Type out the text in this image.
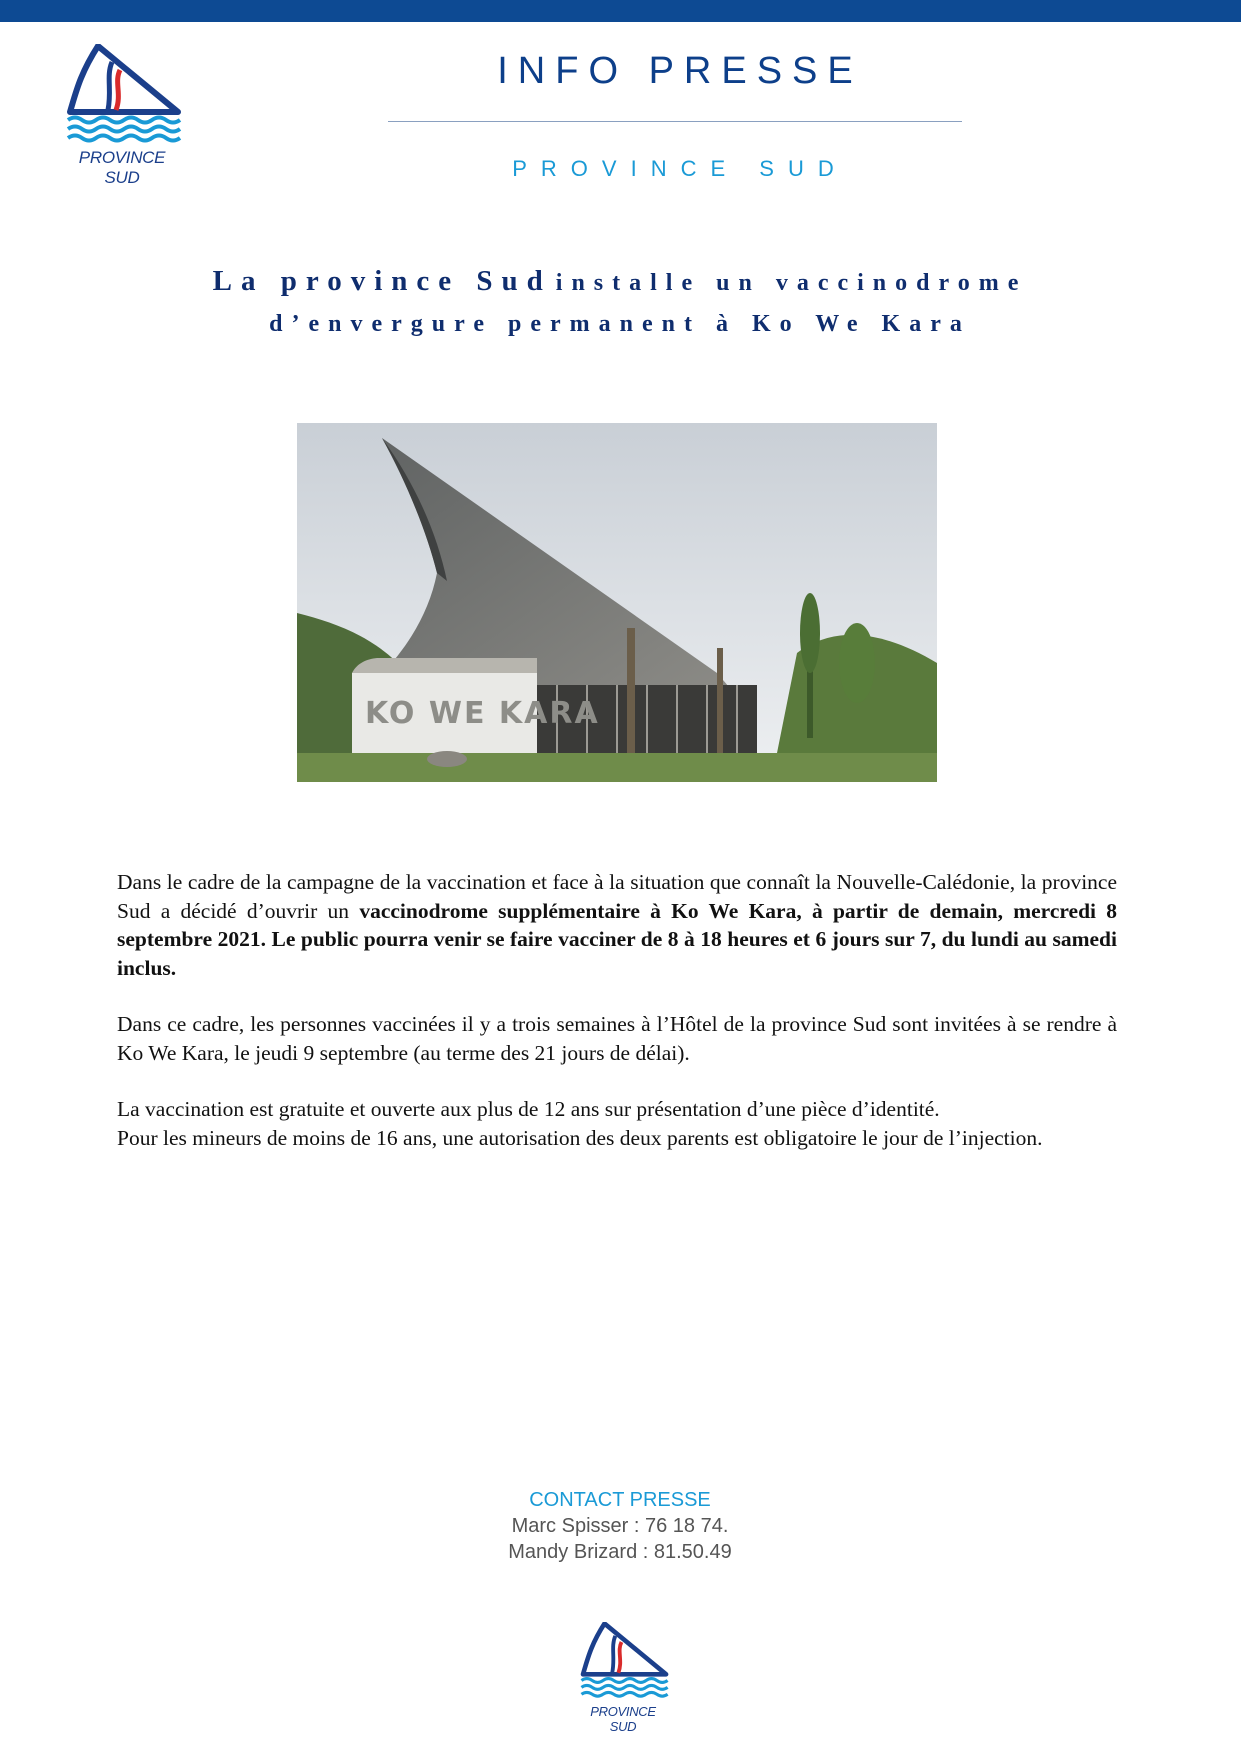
PROVINCE SUD
INFO PRESSE
PROVINCE SUD
La province Sud installe un vaccinodrome
d’envergure permanent à Ko We Kara
KO WE KARA

Dans le cadre de la campagne de la vaccination et face à la situation que connaît la Nouvelle-Calédonie, la province Sud a décidé d’ouvrir un vaccinodrome supplémentaire à Ko We Kara, à partir de demain, mercredi 8 septembre 2021. Le public pourra venir se faire vacciner de 8 à 18 heures et 6 jours sur 7, du lundi au samedi inclus.

Dans ce cadre, les personnes vaccinées il y a trois semaines à l’Hôtel de la province Sud sont invitées à se rendre à Ko We Kara, le jeudi 9 septembre (au terme des 21 jours de délai).

La vaccination est gratuite et ouverte aux plus de 12 ans sur présentation d’une pièce d’identité.
Pour les mineurs de moins de 16 ans, une autorisation des deux parents est obligatoire le jour de l’injection.

CONTACT PRESSE
Marc Spisser : 76 18 74.
Mandy Brizard : 81.50.49
PROVINCE SUD
